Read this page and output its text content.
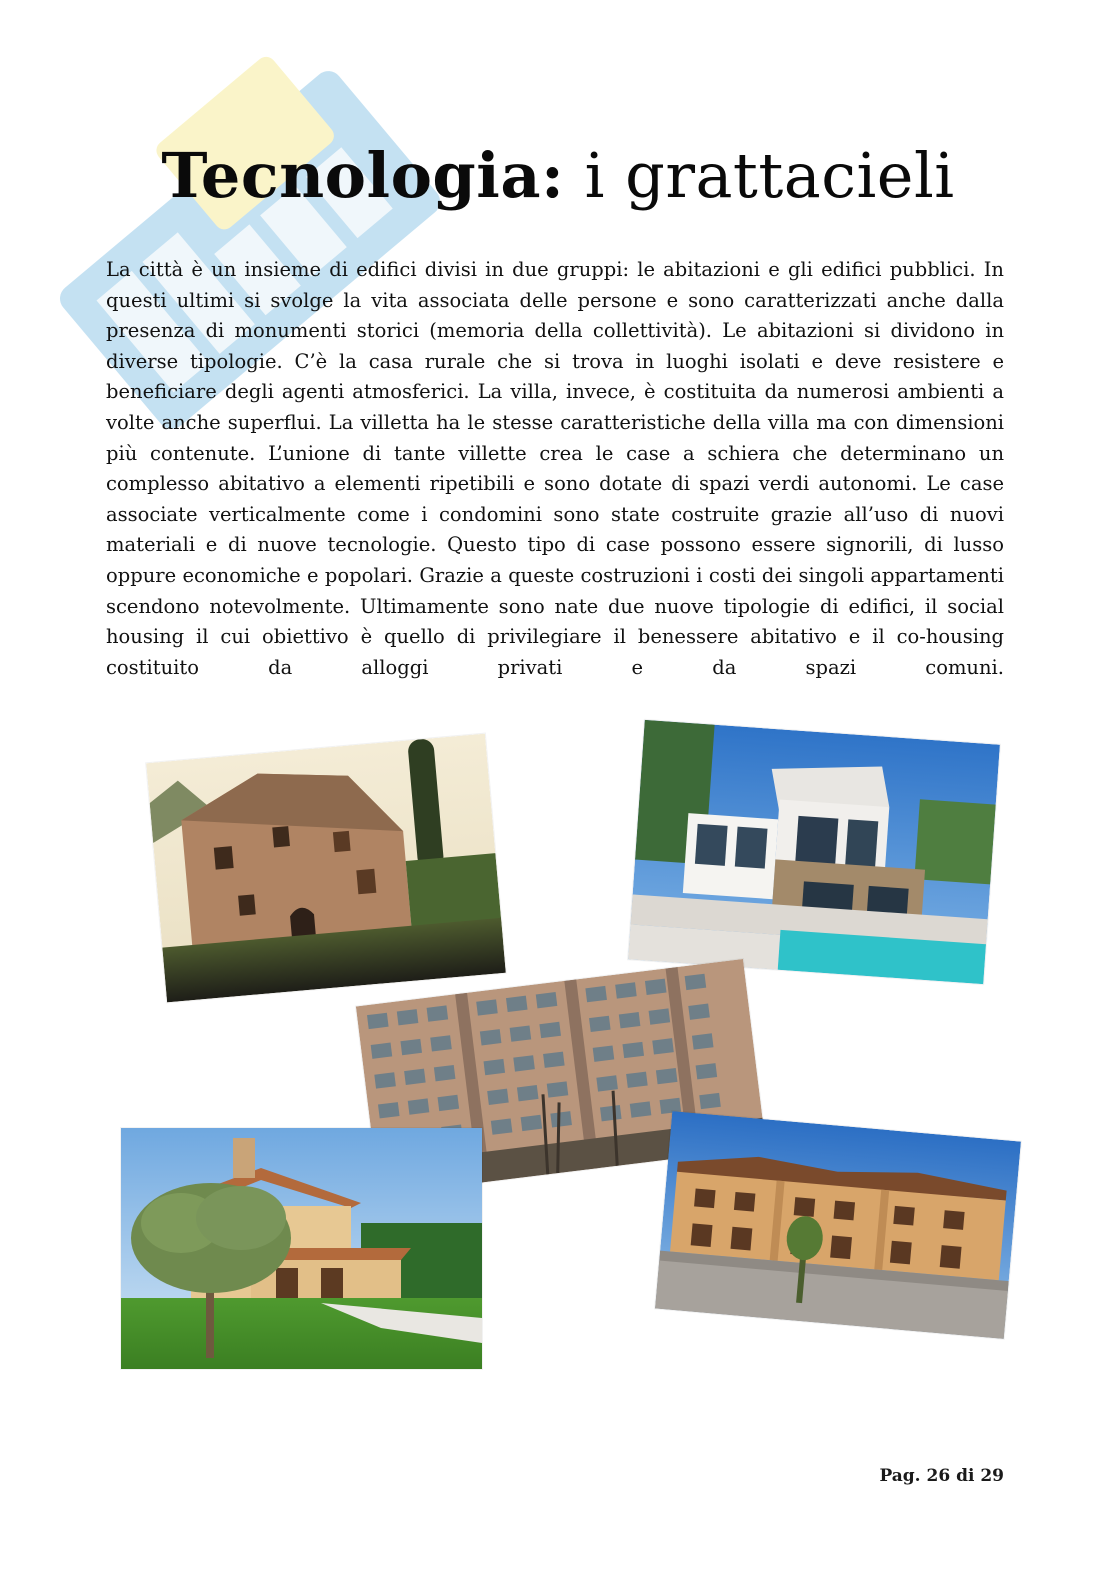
Tecnologia: i grattacieli

La città è un insieme di edifici divisi in due gruppi: le abitazioni e gli edifici pubblici. In questi ultimi si svolge la vita associata delle persone e sono caratterizzati anche dalla presenza di monumenti storici (memoria della collettività). Le abitazioni si dividono in diverse tipologie. C’è la casa rurale che si trova in luoghi isolati e deve resistere e beneficiare degli agenti atmosferici. La villa, invece, è costituita da numerosi ambienti a volte anche superflui. La villetta ha le stesse caratteristiche della villa ma con dimensioni più contenute. L’unione di tante villette crea le case a schiera che determinano un complesso abitativo a elementi ripetibili e sono dotate di spazi verdi autonomi. Le case associate verticalmente come i condomini sono state costruite grazie all’uso di nuovi materiali e di nuove tecnologie. Questo tipo di case possono essere signorili, di lusso oppure economiche e popolari. Grazie a queste costruzioni i costi dei singoli appartamenti scendono notevolmente. Ultimamente sono nate due nuove tipologie di edifici, il social housing il cui obiettivo è quello di privilegiare il benessere abitativo e il co-housing costituito da alloggi privati e da spazi comuni.

Pag. 26 di 29
